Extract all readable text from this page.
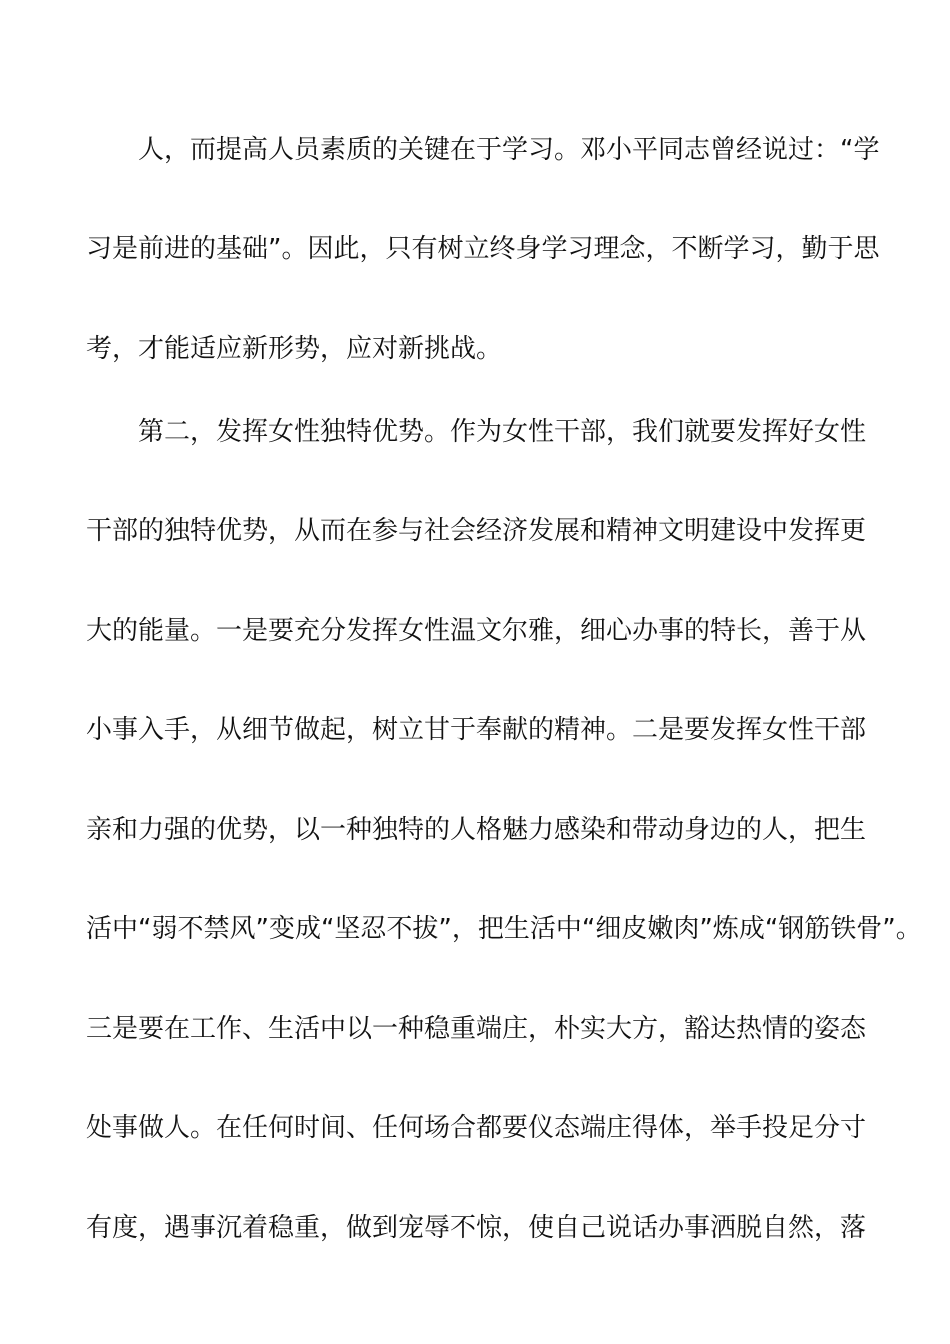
人，而提高人员素质的关键在于学习。邓小平同志曾经说过：“学
习是前进的基础”。因此，只有树立终身学习理念，不断学习，勤于思
考，才能适应新形势，应对新挑战。
第二，发挥女性独特优势。作为女性干部，我们就要发挥好女性
干部的独特优势，从而在参与社会经济发展和精神文明建设中发挥更
大的能量。一是要充分发挥女性温文尔雅，细心办事的特长，善于从
小事入手，从细节做起，树立甘于奉献的精神。二是要发挥女性干部
亲和力强的优势，以一种独特的人格魅力感染和带动身边的人，把生
活中“弱不禁风”变成“坚忍不拔”，把生活中“细皮嫩肉”炼成“钢筋铁骨”。
三是要在工作、生活中以一种稳重端庄，朴实大方，豁达热情的姿态
处事做人。在任何时间、任何场合都要仪态端庄得体，举手投足分寸
有度，遇事沉着稳重，做到宠辱不惊，使自己说话办事洒脱自然，落
